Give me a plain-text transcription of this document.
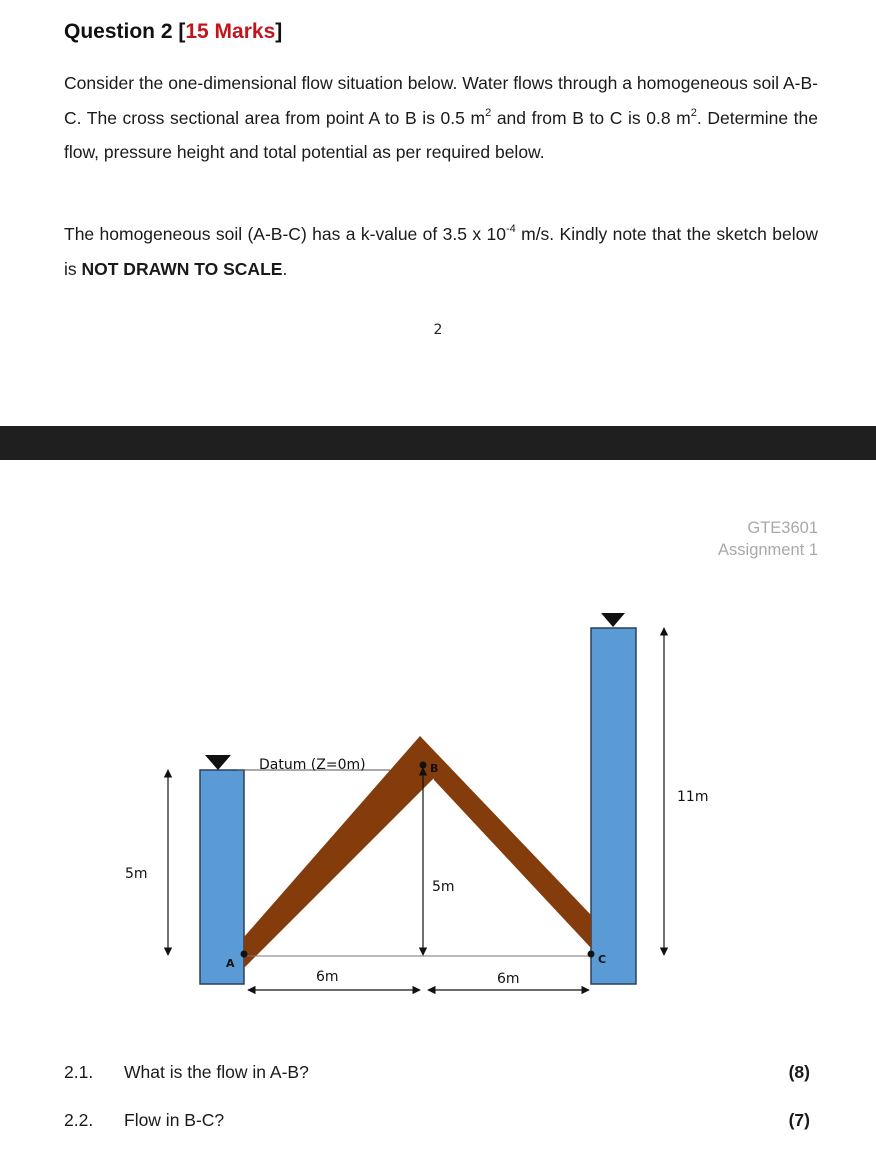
Question 2 [15 Marks]
Consider the one-dimensional flow situation below. Water flows through a homogeneous soil A-B-C. The cross sectional area from point A to B is 0.5 $m^2$ and from B to C is 0.8 $m^2$. Determine the flow, pressure height and total potential as per required below.
The homogeneous soil (A-B-C) has a k-value of 3.5 x $10^{-4}$ m/s. Kindly note that the sketch below is NOT DRAWN TO SCALE.
2
GTE3601
Assignment 1
Datum (Z=0m)	B
A	C
5m
5m
11m
6m	6m
2.1. What is the flow in A-B?	(8)
2.2. Flow in B-C?	(7)
